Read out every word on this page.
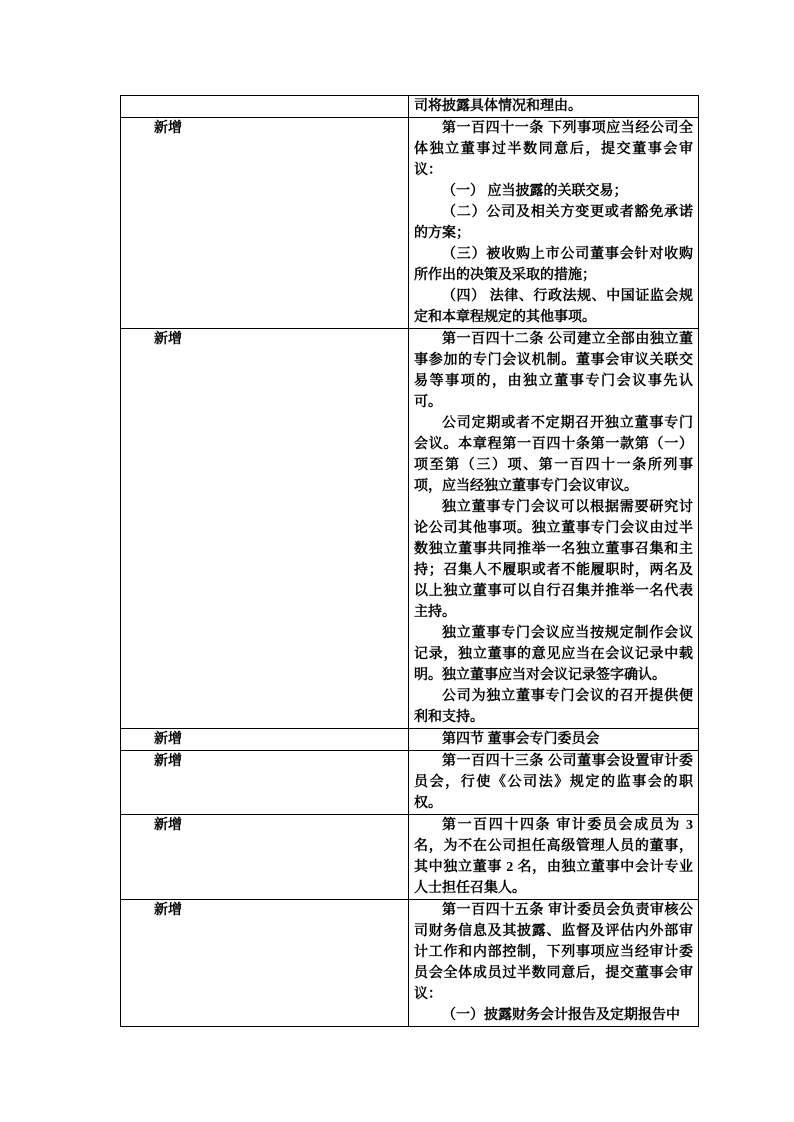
	司将披露具体情况和理由。

新增	第一百四十一条 下列事项应当经公司全体独立董事过半数同意后，提交董事会审议：
（一） 应当披露的关联交易；
（二）公司及相关方变更或者豁免承诺的方案；
（三）被收购上市公司董事会针对收购所作出的决策及采取的措施；
（四） 法律、行政法规、中国证监会规定和本章程规定的其他事项。

新增	第一百四十二条 公司建立全部由独立董事参加的专门会议机制。董事会审议关联交易等事项的，由独立董事专门会议事先认可。
公司定期或者不定期召开独立董事专门会议。本章程第一百四十条第一款第（一）项至第（三）项、第一百四十一条所列事项，应当经独立董事专门会议审议。
独立董事专门会议可以根据需要研究讨论公司其他事项。独立董事专门会议由过半数独立董事共同推举一名独立董事召集和主持；召集人不履职或者不能履职时，两名及以上独立董事可以自行召集并推举一名代表主持。
独立董事专门会议应当按规定制作会议记录，独立董事的意见应当在会议记录中载明。独立董事应当对会议记录签字确认。
公司为独立董事专门会议的召开提供便利和支持。

新增	第四节 董事会专门委员会

新增	第一百四十三条 公司董事会设置审计委员会，行使《公司法》规定的监事会的职权。

新增	第一百四十四条 审计委员会成员为 3 名，为不在公司担任高级管理人员的董事，其中独立董事 2 名，由独立董事中会计专业人士担任召集人。

新增	第一百四十五条 审计委员会负责审核公司财务信息及其披露、监督及评估内外部审计工作和内部控制，下列事项应当经审计委员会全体成员过半数同意后，提交董事会审议：
（一）披露财务会计报告及定期报告中
